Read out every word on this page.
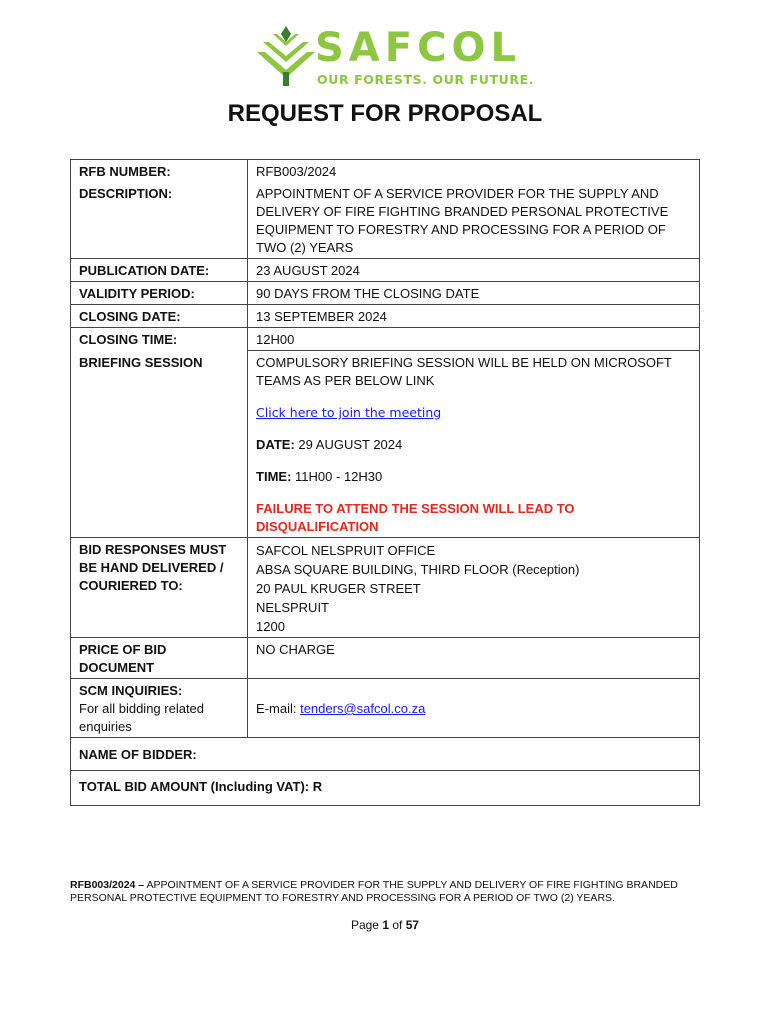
SAFCOL
OUR FORESTS. OUR FUTURE.
REQUEST FOR PROPOSAL
RFB NUMBER:	RFB003/2024
DESCRIPTION:	APPOINTMENT OF A SERVICE PROVIDER FOR THE SUPPLY AND DELIVERY OF FIRE FIGHTING BRANDED PERSONAL PROTECTIVE EQUIPMENT TO FORESTRY AND PROCESSING FOR A PERIOD OF TWO (2) YEARS
PUBLICATION DATE:	23 AUGUST 2024
VALIDITY PERIOD:	90 DAYS FROM THE CLOSING DATE
CLOSING DATE:	13 SEPTEMBER 2024
CLOSING TIME:	12H00
BRIEFING SESSION	COMPULSORY BRIEFING SESSION WILL BE HELD ON MICROSOFT TEAMS AS PER BELOW LINK
Click here to join the meeting
DATE: 29 AUGUST 2024
TIME: 11H00 - 12H30
FAILURE TO ATTEND THE SESSION WILL LEAD TO DISQUALIFICATION
BID RESPONSES MUST BE HAND DELIVERED / COURIERED TO:	SAFCOL NELSPRUIT OFFICE
ABSA SQUARE BUILDING, THIRD FLOOR (Reception)
20 PAUL KRUGER STREET
NELSPRUIT
1200

PRICE OF BID DOCUMENT	NO CHARGE
SCM INQUIRIES:
For all bidding related enquiries	E-mail: tenders@safcol.co.za
NAME OF BIDDER:	
TOTAL BID AMOUNT (Including VAT): R	
RFB003/2024 – APPOINTMENT OF A SERVICE PROVIDER FOR THE SUPPLY AND DELIVERY OF FIRE FIGHTING BRANDED PERSONAL PROTECTIVE EQUIPMENT TO FORESTRY AND PROCESSING FOR A PERIOD OF TWO (2) YEARS.
Page 1 of 57
